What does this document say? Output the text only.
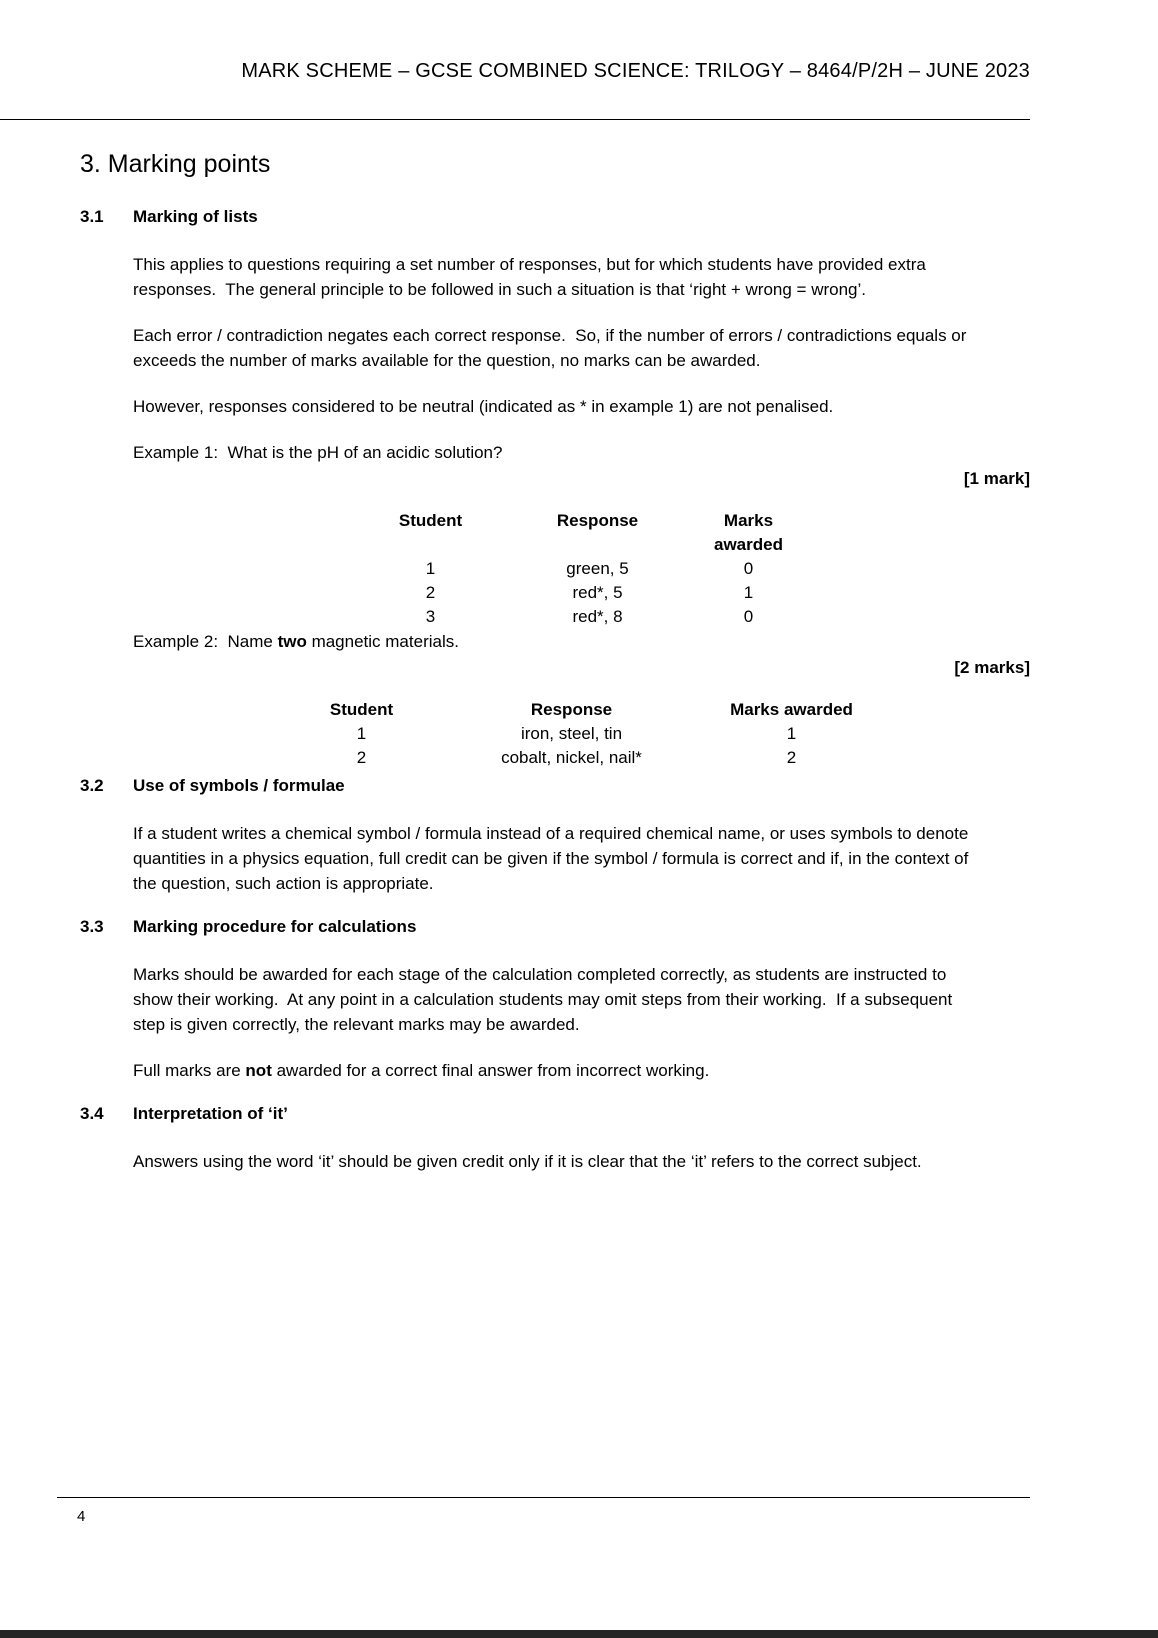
MARK SCHEME – GCSE COMBINED SCIENCE: TRILOGY – 8464/P/2H – JUNE 2023
3. Marking points
3.1	Marking of lists

This applies to questions requiring a set number of responses, but for which students have provided extra responses.  The general principle to be followed in such a situation is that ‘right + wrong = wrong’.

Each error / contradiction negates each correct response.  So, if the number of errors / contradictions equals or exceeds the number of marks available for the question, no marks can be awarded.

However, responses considered to be neutral (indicated as * in example 1) are not penalised.

Example 1:  What is the pH of an acidic solution?

[1 mark]
Student	Response	Marks awarded

1	green, 5	0
2	red*, 5	1
3	red*, 8	0

Example 2:  Name two magnetic materials.

[2 marks]
Student	Response	Marks awarded
1	iron, steel, tin	1
2	cobalt, nickel, nail*	2
3.2	Use of symbols / formulae

If a student writes a chemical symbol / formula instead of a required chemical name, or uses symbols to denote quantities in a physics equation, full credit can be given if the symbol / formula is correct and if, in the context of the question, such action is appropriate.

3.3	Marking procedure for calculations

Marks should be awarded for each stage of the calculation completed correctly, as students are instructed to show their working.  At any point in a calculation students may omit steps from their working.  If a subsequent step is given correctly, the relevant marks may be awarded.

Full marks are not awarded for a correct final answer from incorrect working.

3.4	Interpretation of ‘it’

Answers using the word ‘it’ should be given credit only if it is clear that the ‘it’ refers to the correct subject.

4
